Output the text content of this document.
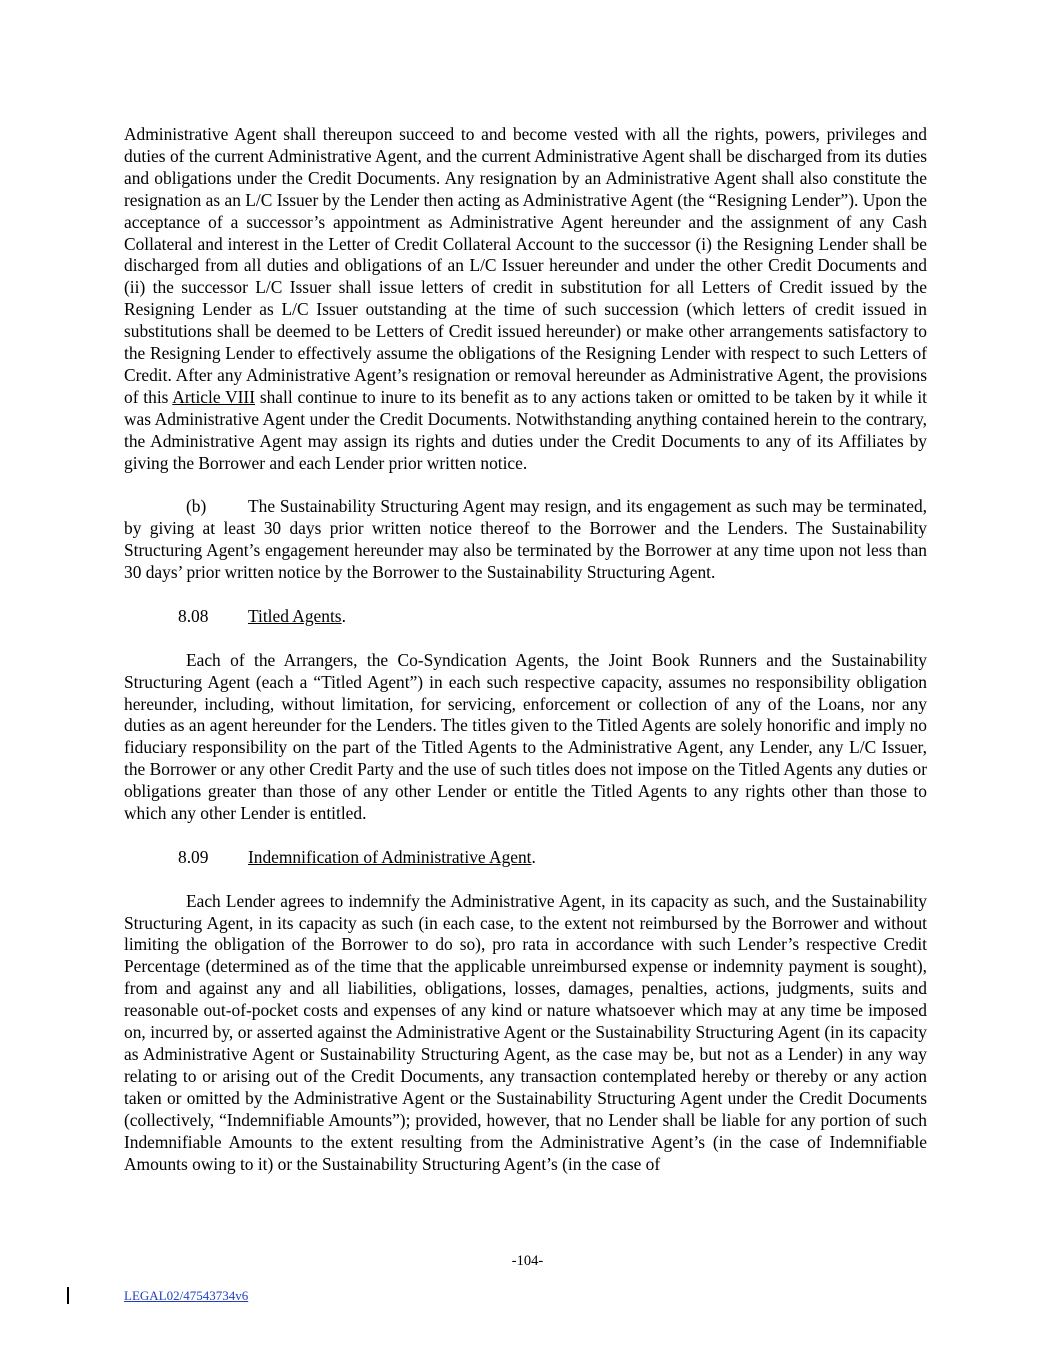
Administrative Agent shall thereupon succeed to and become vested with all the rights, powers, privileges and duties of the current Administrative Agent, and the current Administrative Agent shall be discharged from its duties and obligations under the Credit Documents. Any resignation by an Administrative Agent shall also constitute the resignation as an L/C Issuer by the Lender then acting as Administrative Agent (the “Resigning Lender”). Upon the acceptance of a successor’s appointment as Administrative Agent hereunder and the assignment of any Cash Collateral and interest in the Letter of Credit Collateral Account to the successor (i) the Resigning Lender shall be discharged from all duties and obligations of an L/C Issuer hereunder and under the other Credit Documents and (ii) the successor L/C Issuer shall issue letters of credit in substitution for all Letters of Credit issued by the Resigning Lender as L/C Issuer outstanding at the time of such succession (which letters of credit issued in substitutions shall be deemed to be Letters of Credit issued hereunder) or make other arrangements satisfactory to the Resigning Lender to effectively assume the obligations of the Resigning Lender with respect to such Letters of Credit. After any Administrative Agent’s resignation or removal hereunder as Administrative Agent, the provisions of this Article VIII shall continue to inure to its benefit as to any actions taken or omitted to be taken by it while it was Administrative Agent under the Credit Documents. Notwithstanding anything contained herein to the contrary, the Administrative Agent may assign its rights and duties under the Credit Documents to any of its Affiliates by giving the Borrower and each Lender prior written notice.

(b) The Sustainability Structuring Agent may resign, and its engagement as such may be terminated, by giving at least 30 days prior written notice thereof to the Borrower and the Lenders. The Sustainability Structuring Agent’s engagement hereunder may also be terminated by the Borrower at any time upon not less than 30 days’ prior written notice by the Borrower to the Sustainability Structuring Agent.

8.08 Titled Agents.

Each of the Arrangers, the Co-Syndication Agents, the Joint Book Runners and the Sustainability Structuring Agent (each a “Titled Agent”) in each such respective capacity, assumes no responsibility obligation hereunder, including, without limitation, for servicing, enforcement or collection of any of the Loans, nor any duties as an agent hereunder for the Lenders. The titles given to the Titled Agents are solely honorific and imply no fiduciary responsibility on the part of the Titled Agents to the Administrative Agent, any Lender, any L/C Issuer, the Borrower or any other Credit Party and the use of such titles does not impose on the Titled Agents any duties or obligations greater than those of any other Lender or entitle the Titled Agents to any rights other than those to which any other Lender is entitled.

8.09 Indemnification of Administrative Agent.

Each Lender agrees to indemnify the Administrative Agent, in its capacity as such, and the Sustainability Structuring Agent, in its capacity as such (in each case, to the extent not reimbursed by the Borrower and without limiting the obligation of the Borrower to do so), pro rata in accordance with such Lender’s respective Credit Percentage (determined as of the time that the applicable unreimbursed expense or indemnity payment is sought), from and against any and all liabilities, obligations, losses, damages, penalties, actions, judgments, suits and reasonable out-of-pocket costs and expenses of any kind or nature whatsoever which may at any time be imposed on, incurred by, or asserted against the Administrative Agent or the Sustainability Structuring Agent (in its capacity as Administrative Agent or Sustainability Structuring Agent, as the case may be, but not as a Lender) in any way relating to or arising out of the Credit Documents, any transaction contemplated hereby or thereby or any action taken or omitted by the Administrative Agent or the Sustainability Structuring Agent under the Credit Documents (collectively, “Indemnifiable Amounts”); provided, however, that no Lender shall be liable for any portion of such Indemnifiable Amounts to the extent resulting from the Administrative Agent’s (in the case of Indemnifiable Amounts owing to it) or the Sustainability Structuring Agent’s (in the case of

-104-
LEGAL02/47543734v6
